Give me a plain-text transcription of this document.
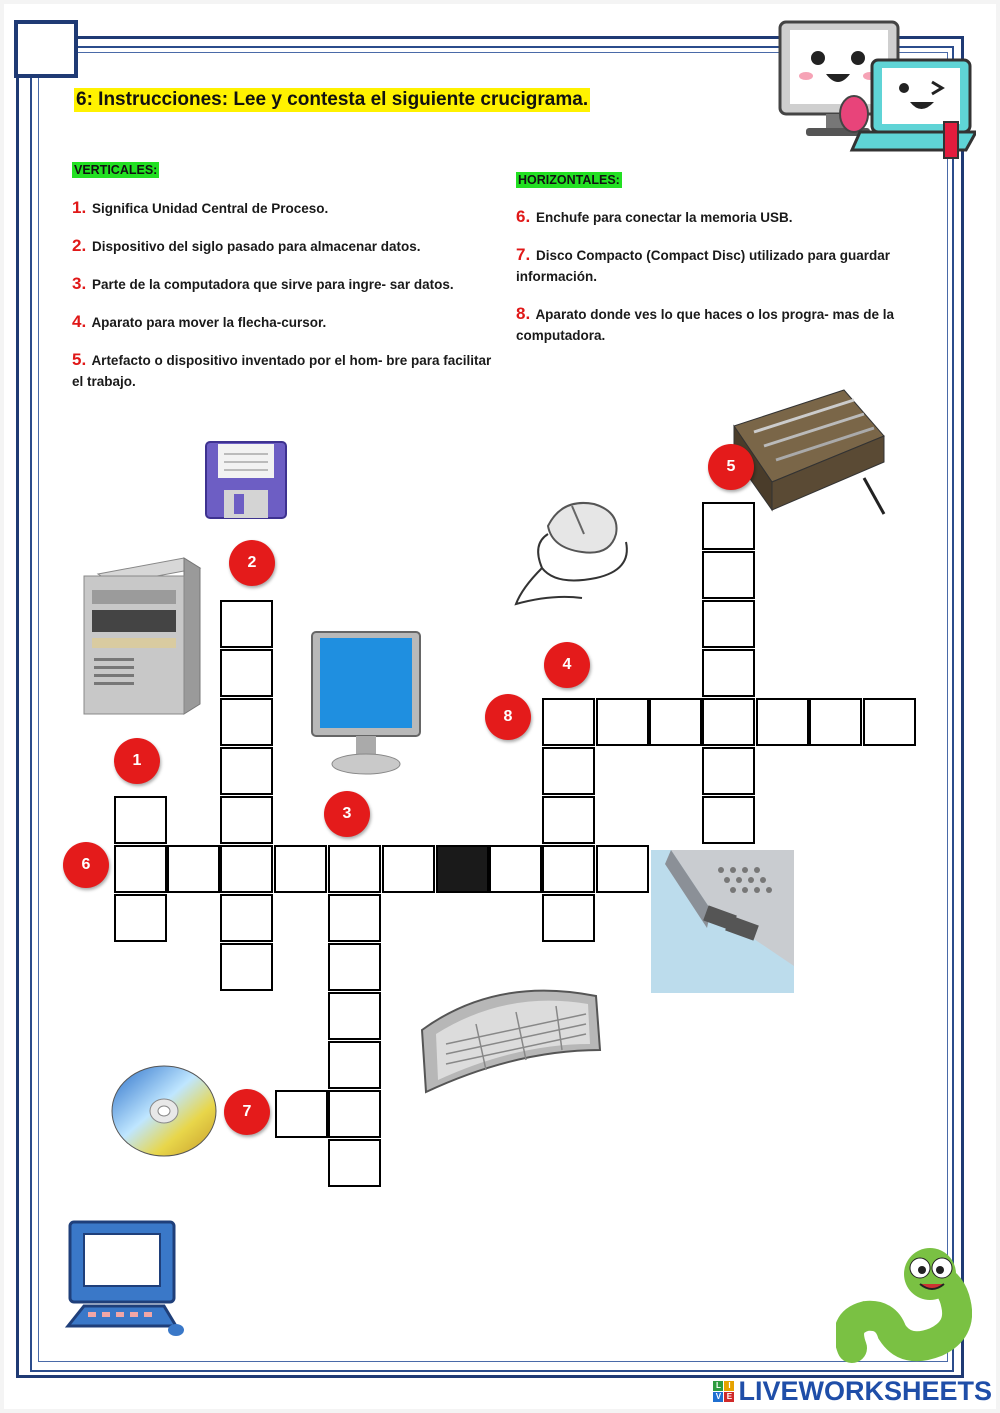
6: Instrucciones: Lee y contesta el siguiente crucigrama.
VERTICALES:
1. Significa Unidad Central de Proceso.
2. Dispositivo del siglo pasado para almacenar datos.
3. Parte de la computadora que sirve para ingre- sar datos.
4. Aparato para mover la flecha-cursor.
5. Artefacto o dispositivo inventado por el hom- bre para facilitar el trabajo.
HORIZONTALES:
6. Enchufe para conectar la memoria USB.
7. Disco Compacto (Compact Disc) utilizado para guardar información.
8. Aparato donde ves lo que haces o los progra- mas de la computadora.
1
2
3
4
5
6
7
8
L I
V E LIVEWORKSHEETS
